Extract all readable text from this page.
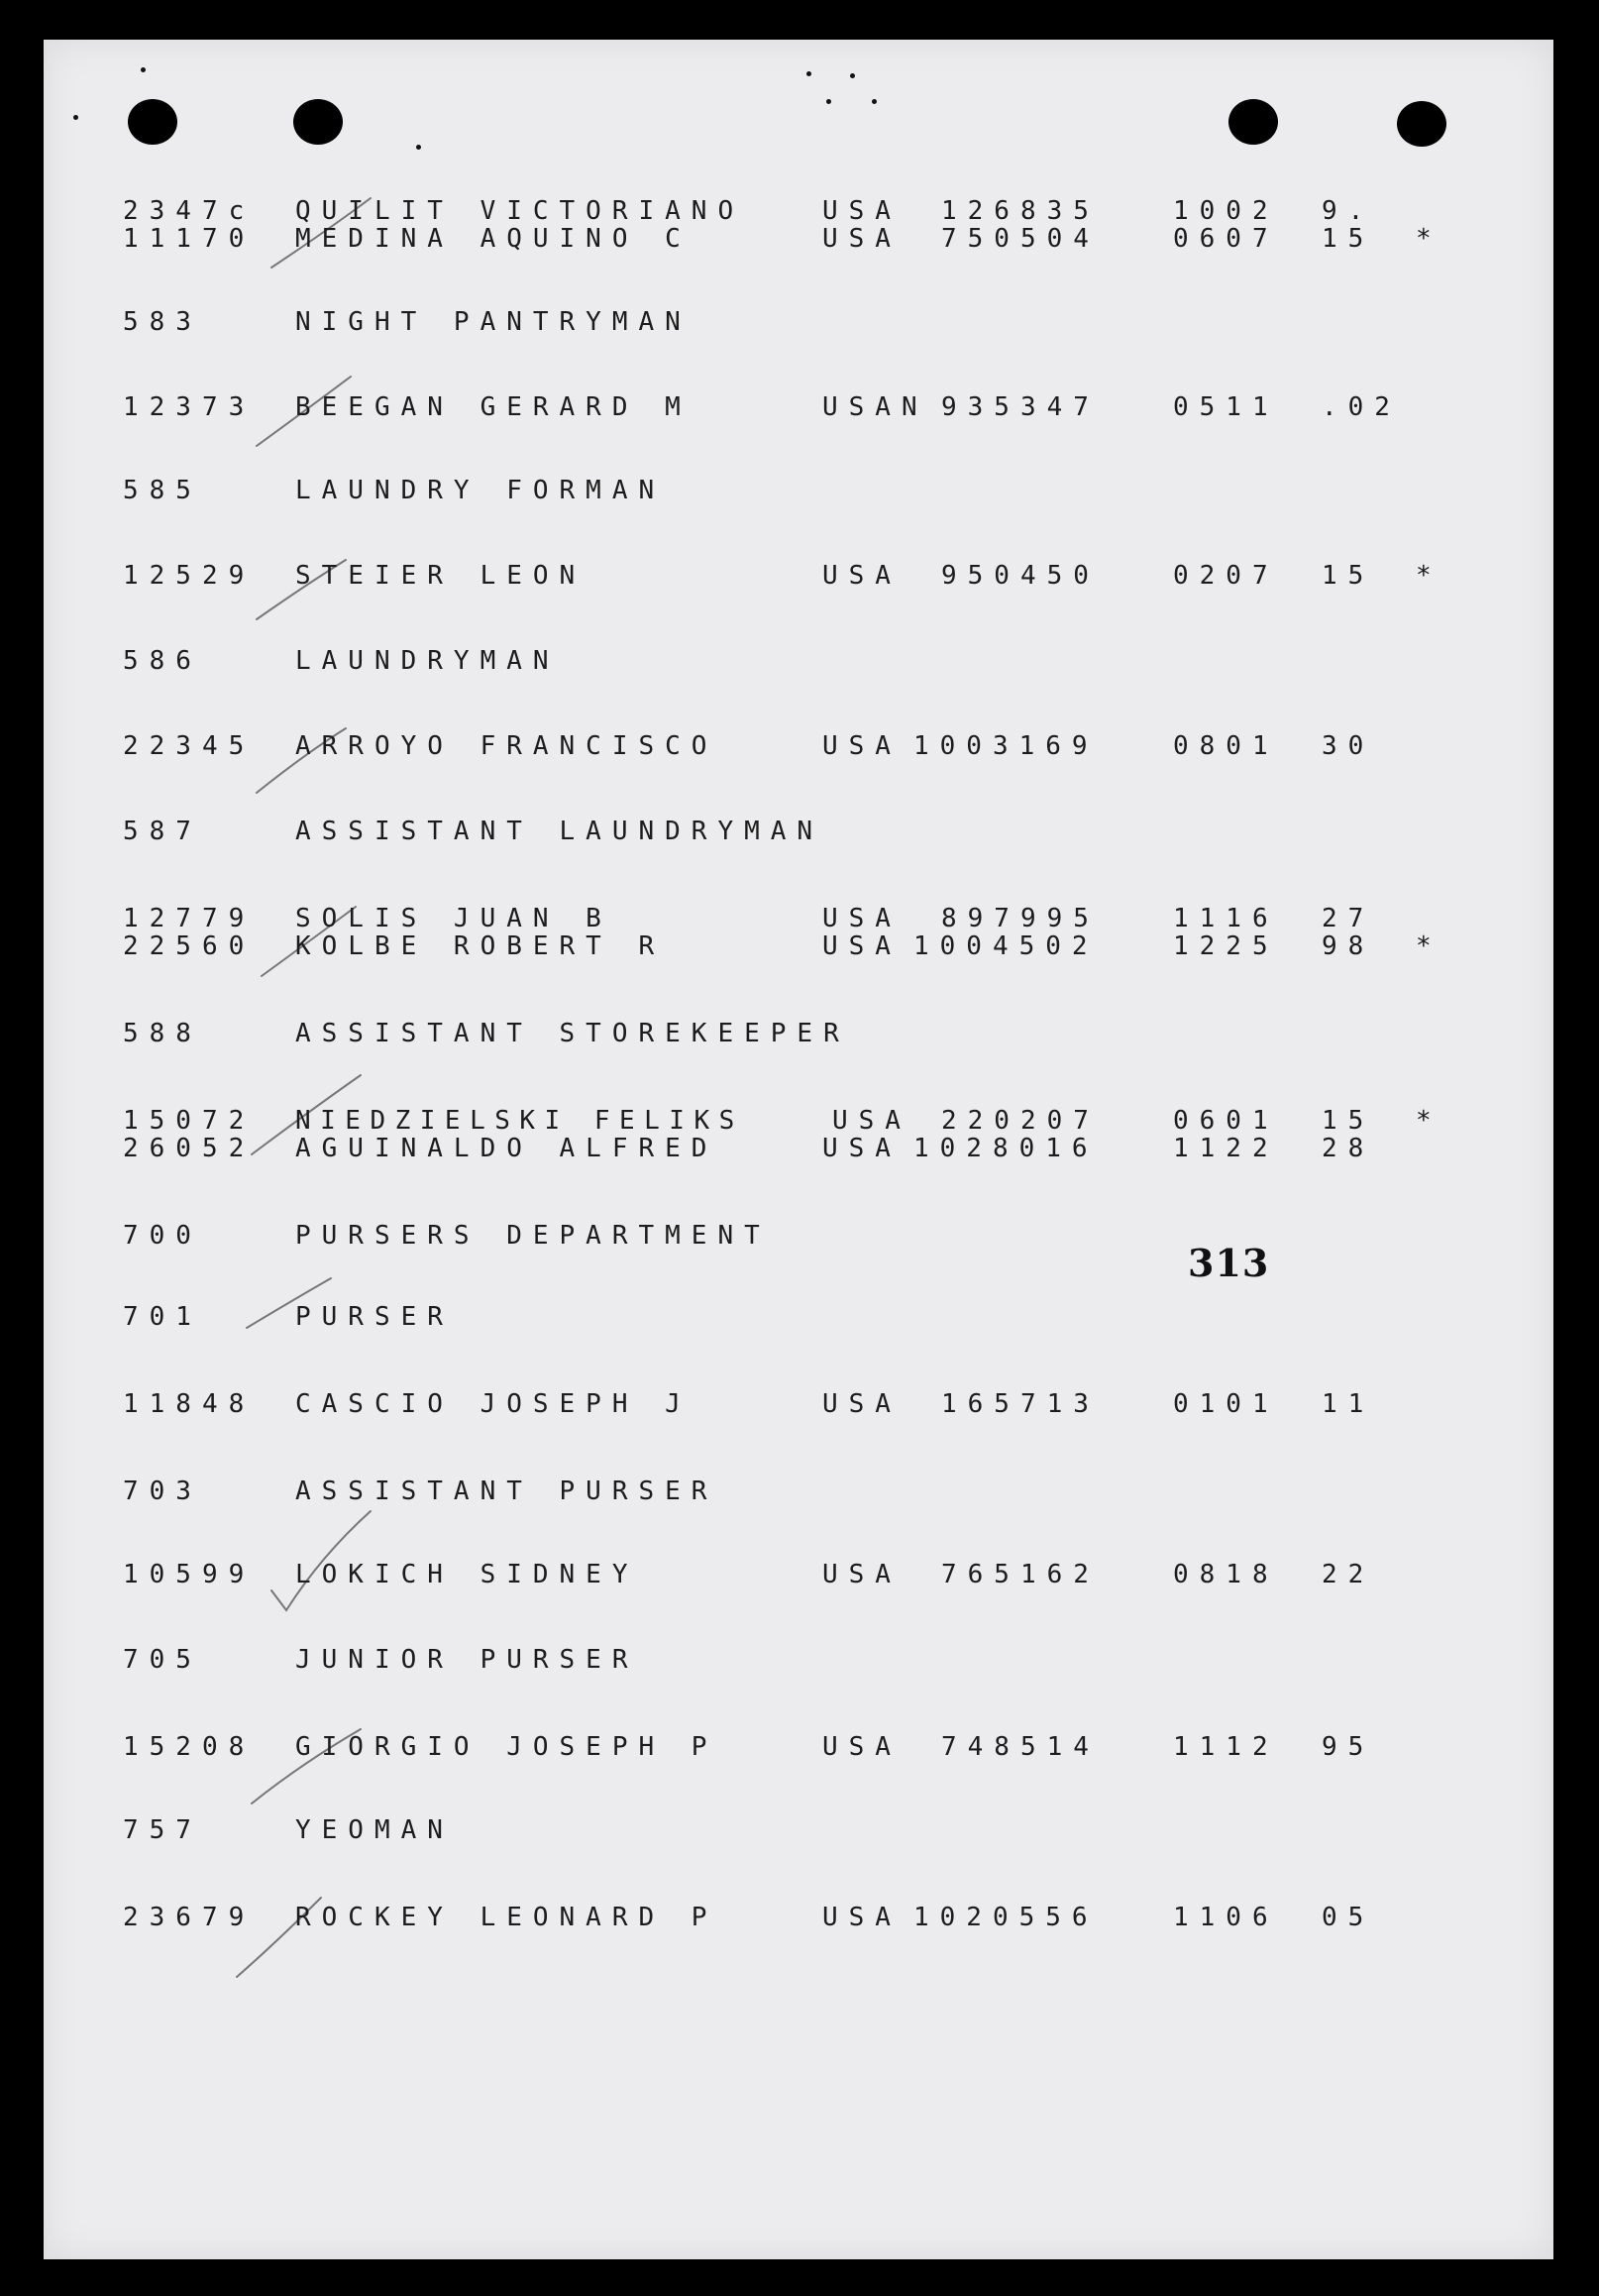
2347c QUILIT VICTORIANO	USA 126835	1002 9.
11170 MEDINA AQUINO C	USA 750504	0607 15 *
583	NIGHT PANTRYMAN
12373 BEEGAN GERARD M	USAN 935347	0511 .02
585	LAUNDRY FORMAN
12529 STEIER LEON	USA 950450	0207 15 *
586	LAUNDRYMAN
22345 ARROYO FRANCISCO	USA 1003169	0801 30
587	ASSISTANT LAUNDRYMAN
12779 SOLIS JUAN B	USA 897995	1116 27
22560 KOLBE ROBERT R	USA 1004502	1225 98 *
588	ASSISTANT STOREKEEPER
15072 NIEDZIELSKI FELIKS	USA 220207	0601 15 *
26052 AGUINALDO ALFRED	USA 1028016	1122 28
700	PURSERS DEPARTMENT
701	PURSER
11848 CASCIO JOSEPH J	USA 165713	0101 11
703	ASSISTANT PURSER
10599 LOKICH SIDNEY	USA 765162	0818 22
705	JUNIOR PURSER
15208 GIORGIO JOSEPH P	USA 748514	1112 95
757	YEOMAN
23679 ROCKEY LEONARD P	USA 1020556	1106 05
313
